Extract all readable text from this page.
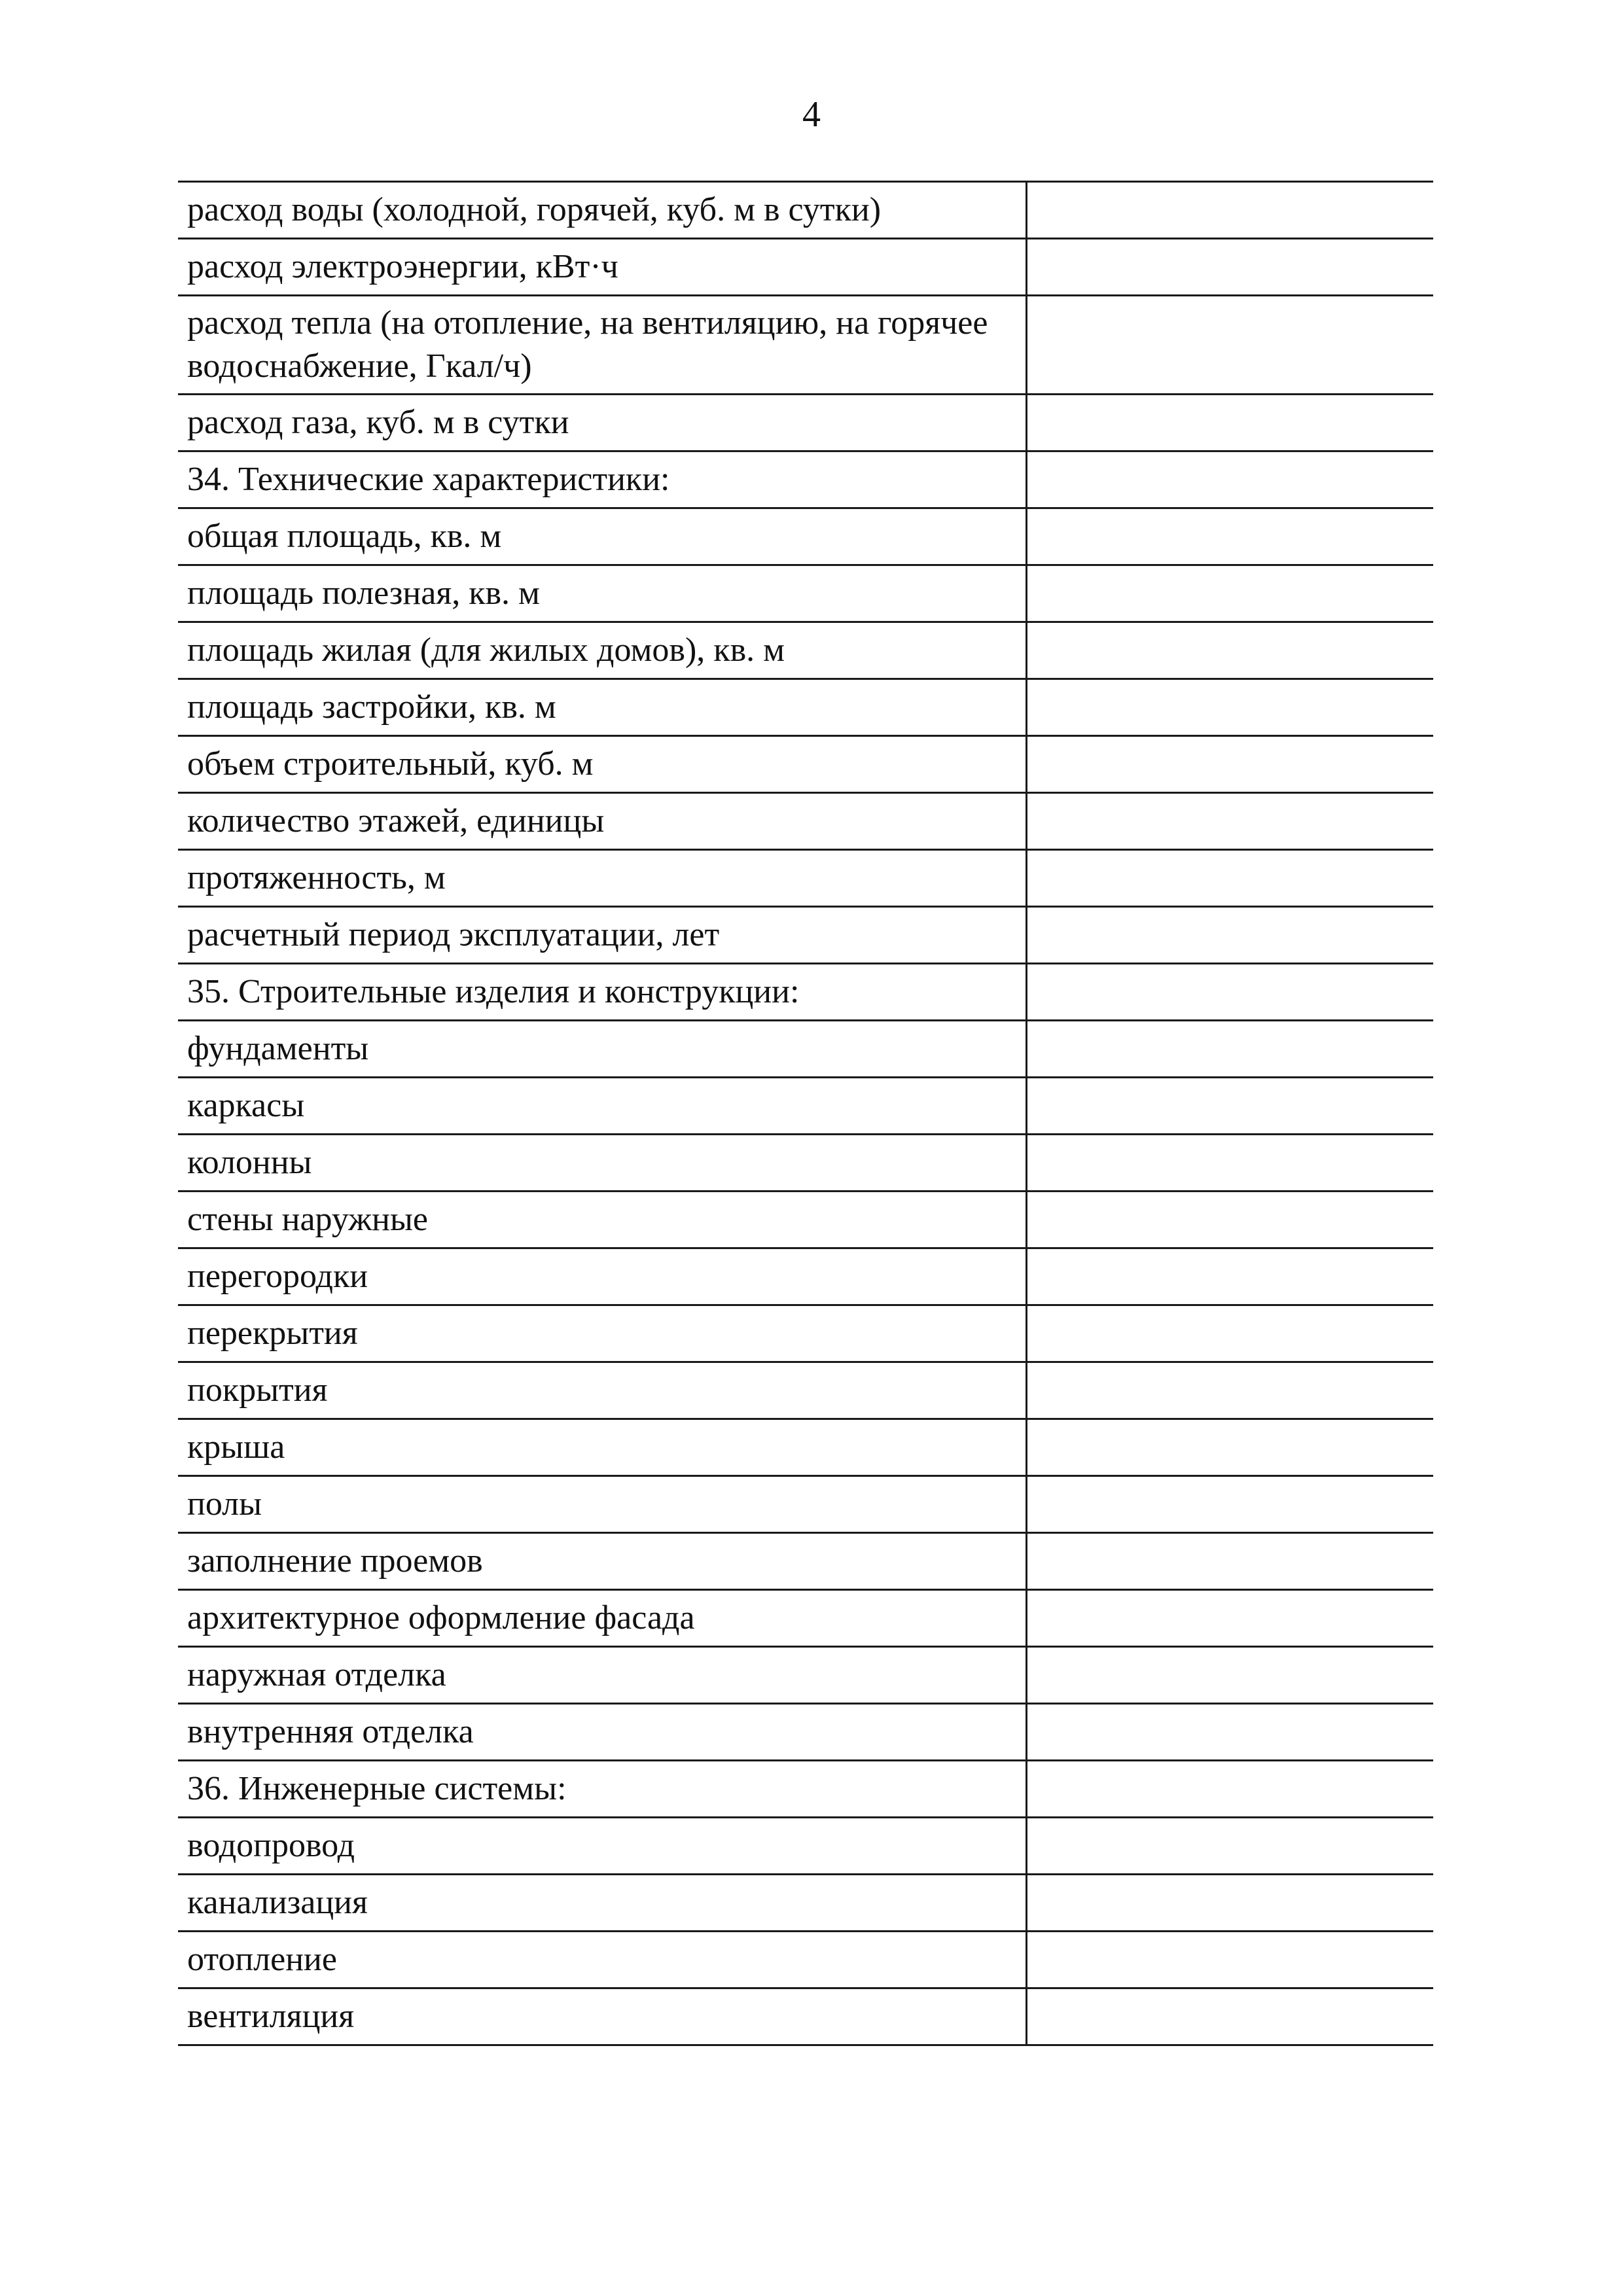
4
расход воды (холодной, горячей, куб. м в сутки)	
расход электроэнергии, кВт·ч	
расход тепла (на отопление, на вентиляцию, на горячее водоснабжение, Гкал/ч)	
расход газа, куб. м в сутки	
34. Технические характеристики:	
общая площадь, кв. м	
площадь полезная, кв. м	
площадь жилая (для жилых домов), кв. м	
площадь застройки, кв. м	
объем строительный, куб. м	
количество этажей, единицы	
протяженность, м	
расчетный период эксплуатации, лет	
35. Строительные изделия и конструкции:	
фундаменты	
каркасы	
колонны	
стены наружные	
перегородки	
перекрытия	
покрытия	
крыша	
полы	
заполнение проемов	
архитектурное оформление фасада	
наружная отделка	
внутренняя отделка	
36. Инженерные системы:	
водопровод	
канализация	
отопление	
вентиляция	
